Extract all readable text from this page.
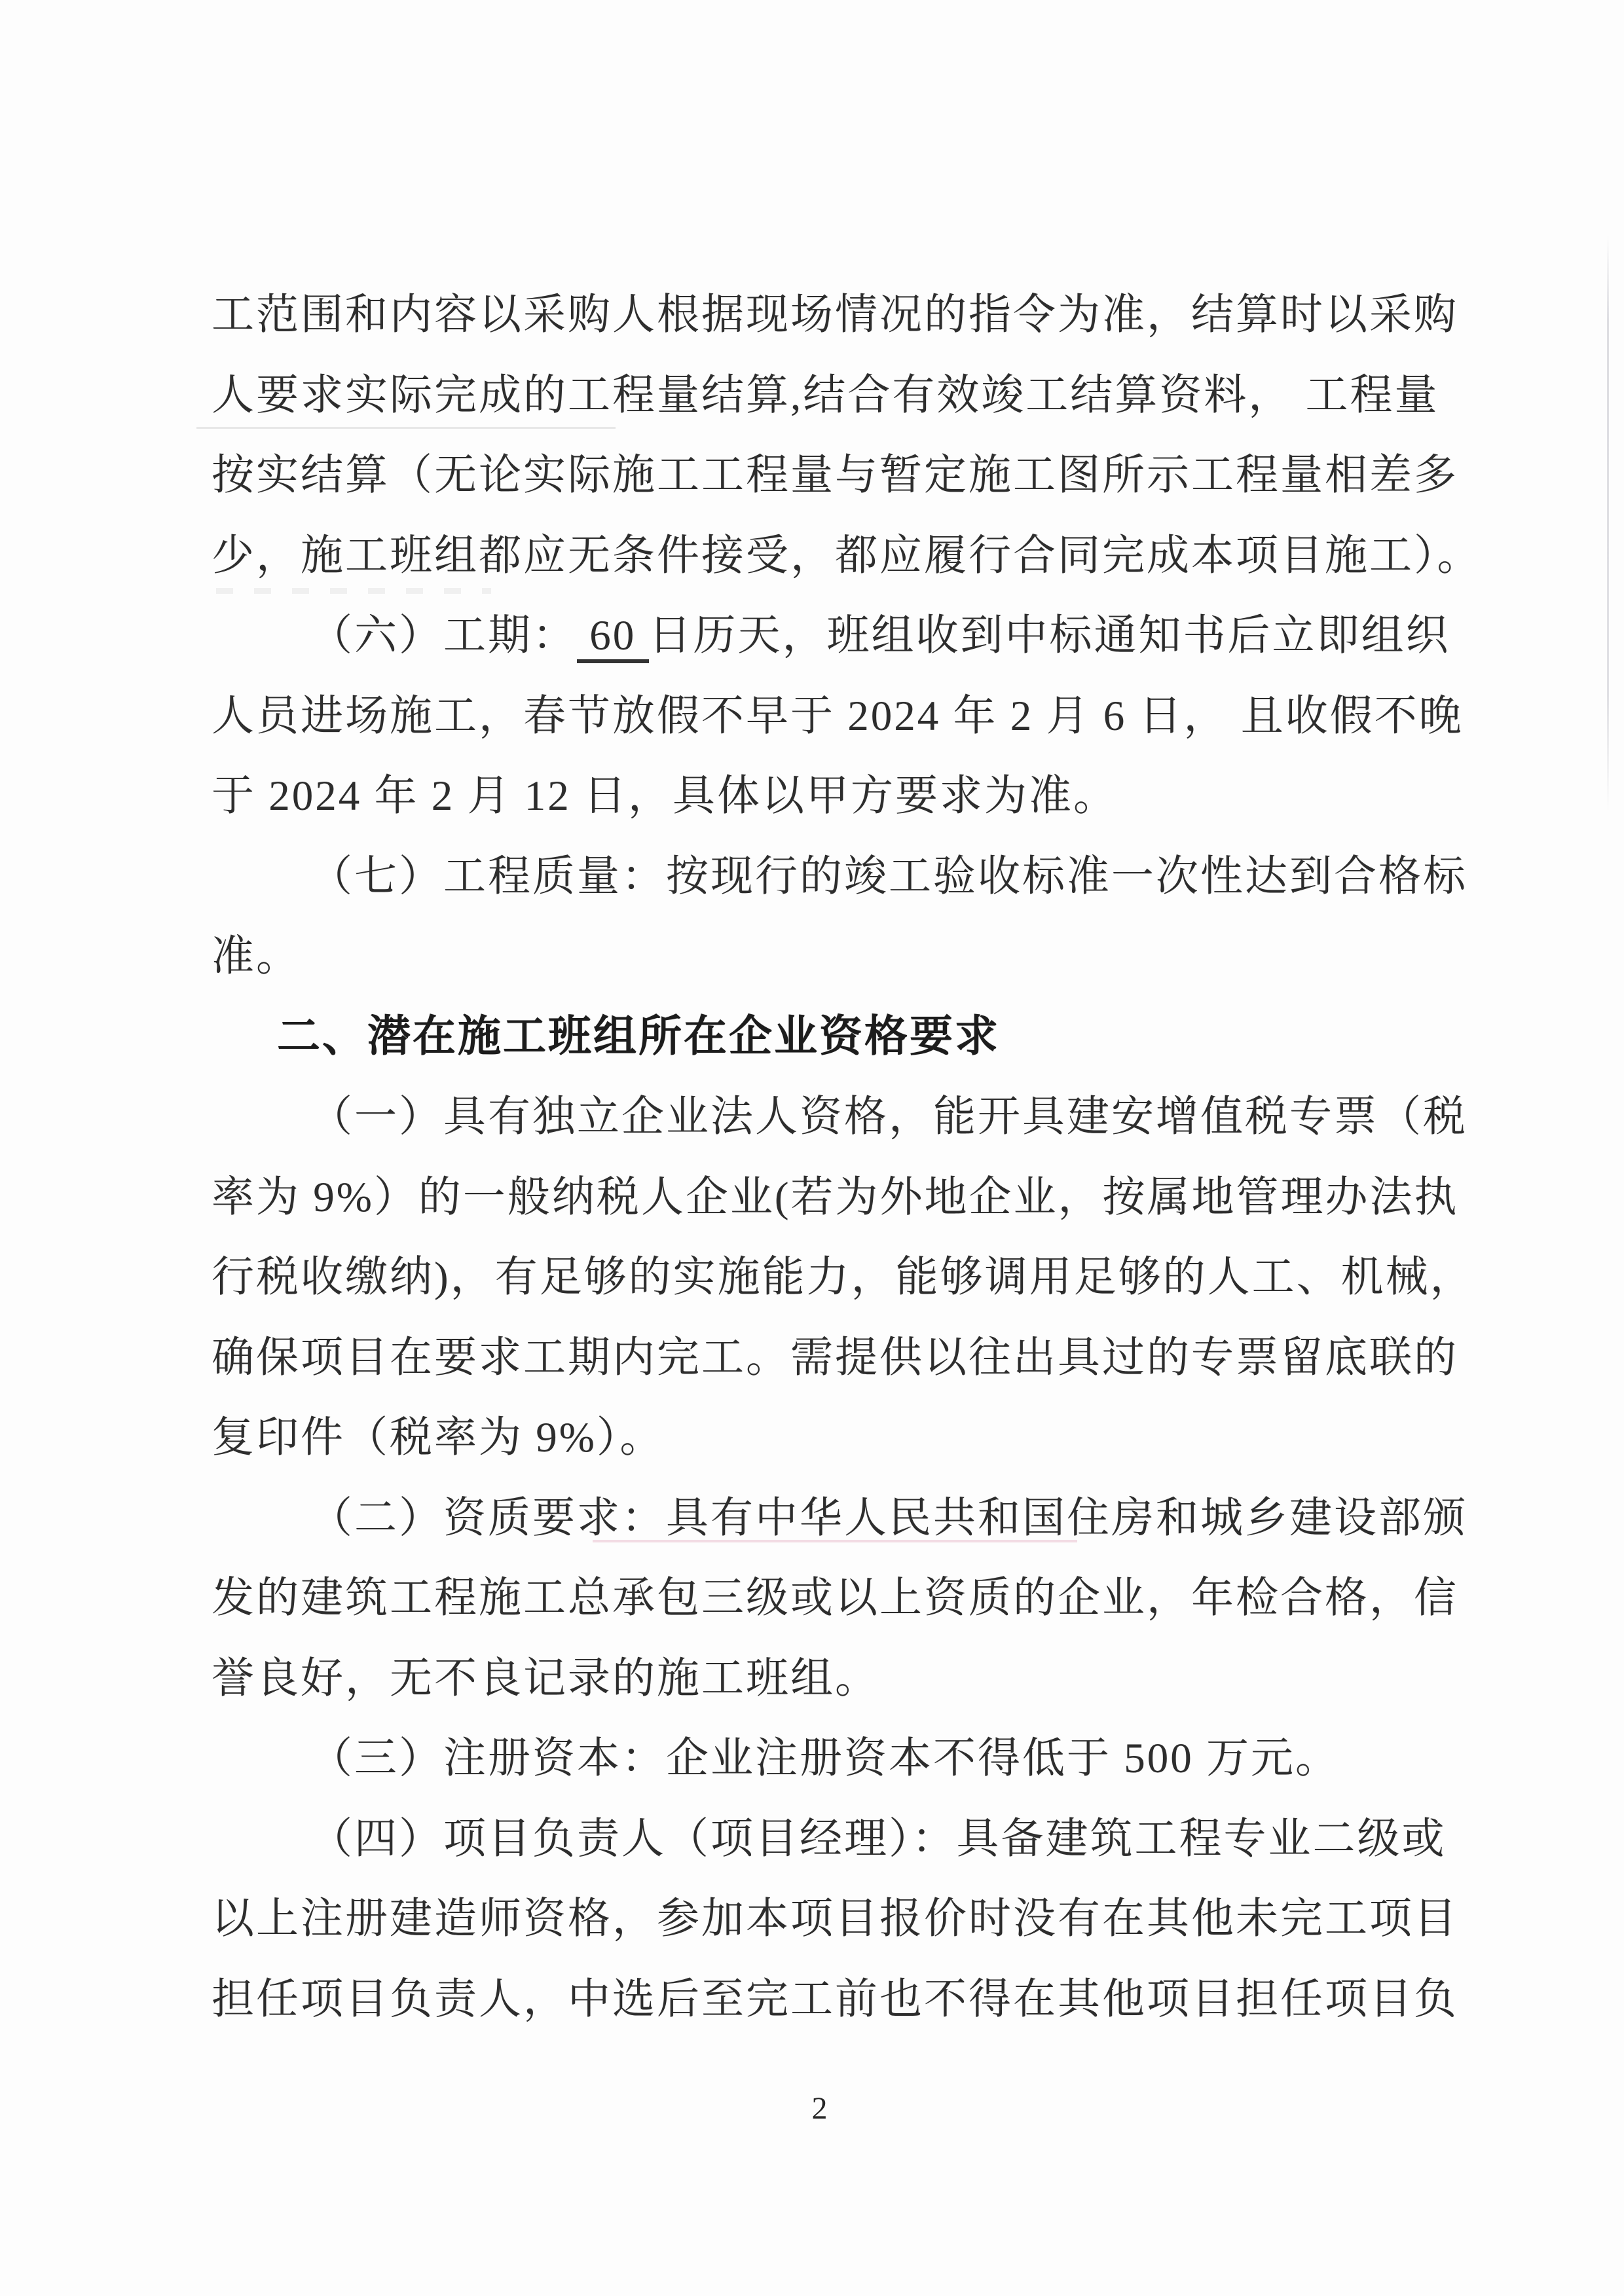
工范围和内容以采购人根据现场情况的指令为准，结算时以采购
人要求实际完成的工程量结算,结合有效竣工结算资料， 工程量
按实结算（无论实际施工工程量与暂定施工图所示工程量相差多
少，施工班组都应无条件接受，都应履行合同完成本项目施工）。
（六）工期： 60 日历天，班组收到中标通知书后立即组织
人员进场施工，春节放假不早于 2024 年 2 月 6 日， 且收假不晚
于 2024 年 2 月 12 日，具体以甲方要求为准。
（七）工程质量：按现行的竣工验收标准一次性达到合格标
准。
二、潜在施工班组所在企业资格要求
（一）具有独立企业法人资格，能开具建安增值税专票（税
率为 9%）的一般纳税人企业(若为外地企业，按属地管理办法执
行税收缴纳)，有足够的实施能力，能够调用足够的人工、机械，
确保项目在要求工期内完工。需提供以往出具过的专票留底联的
复印件（税率为 9%）。
（二）资质要求：具有中华人民共和国住房和城乡建设部颁
发的建筑工程施工总承包三级或以上资质的企业，年检合格，信
誉良好，无不良记录的施工班组。
（三）注册资本：企业注册资本不得低于 500 万元。
（四）项目负责人（项目经理）：具备建筑工程专业二级或
以上注册建造师资格，参加本项目报价时没有在其他未完工项目
担任项目负责人，中选后至完工前也不得在其他项目担任项目负
2
